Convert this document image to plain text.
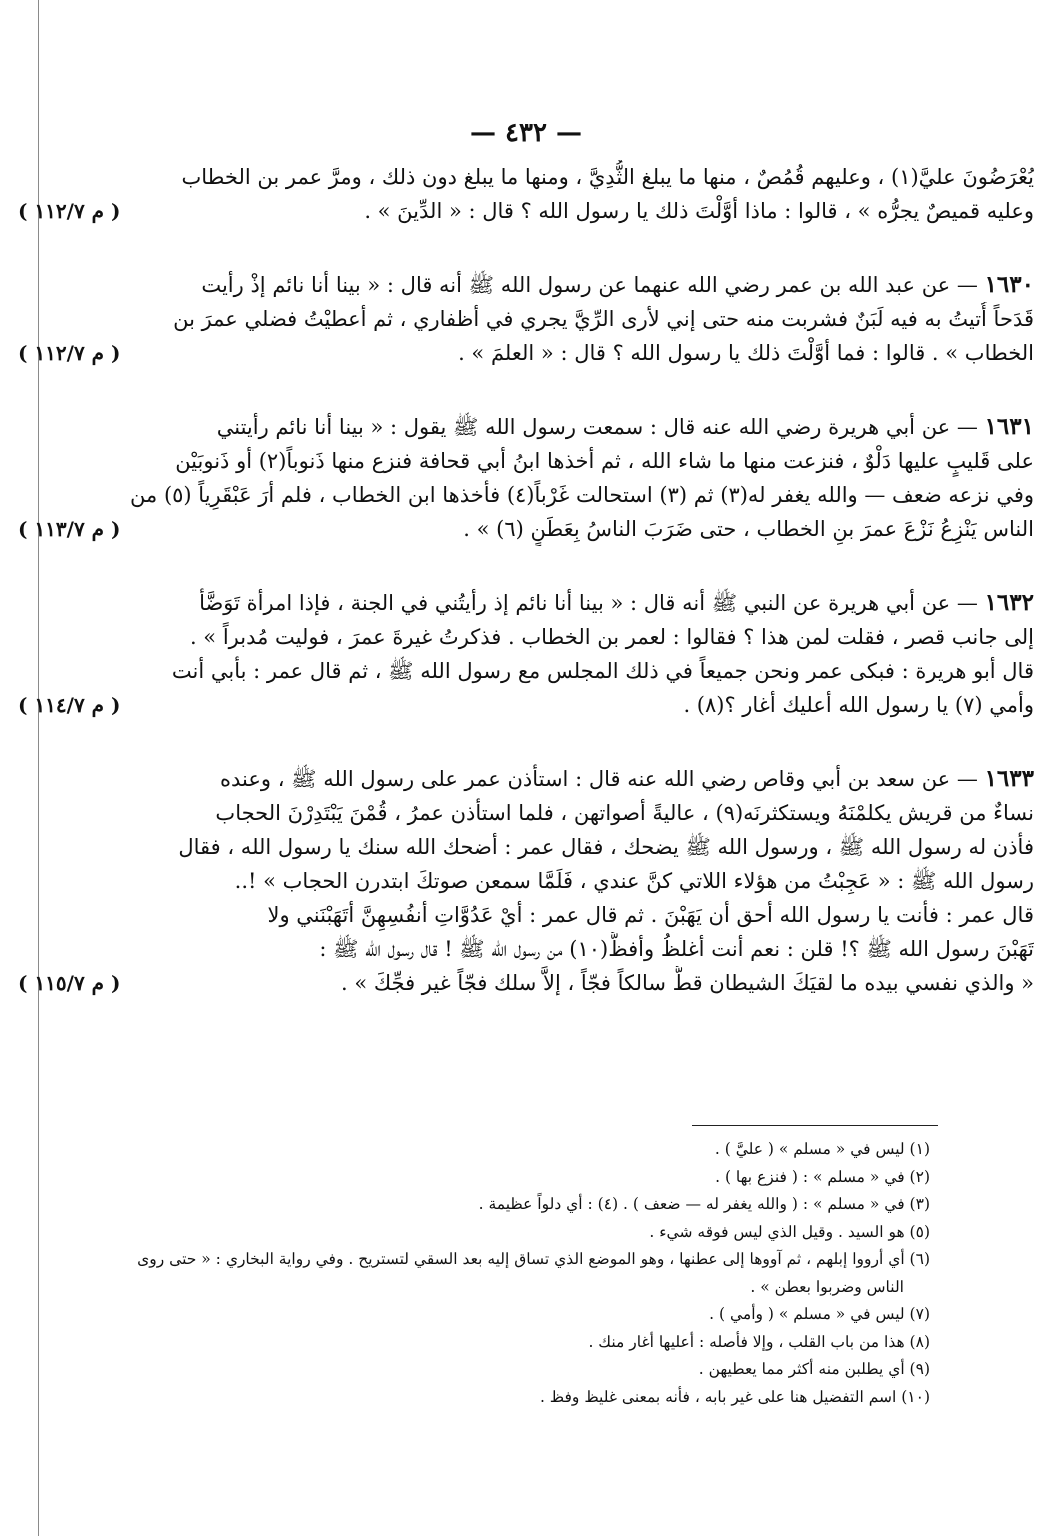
— ٤٣٢ —
يُعْرَضُونَ عليَّ(١) ، وعليهم قُمُصٌ ، منها ما يبلغ الثُّدِيَّ ، ومنها ما يبلغ دون ذلك ، ومرَّ عمر بن الخطاب
وعليه قميصٌ يجرُّه » ، قالوا : ماذا أوَّلْتَ ذلك يا رسول الله ؟ قال : « الدِّينَ » .
( م ١١٢/٧ )
١٦٣٠ — عن عبد الله بن عمر رضي الله عنهما عن رسول الله ﷺ أنه قال : « بينا أنا نائم إذْ رأيت
قَدَحاً أُتيتُ به فيه لَبَنٌ فشربت منه حتى إني لأرى الرِّيَّ يجري في أظفاري ، ثم أعطيْتُ فضلي عمرَ بن
الخطاب » . قالوا : فما أوَّلْتَ ذلك يا رسول الله ؟ قال : « العلمَ » .
( م ١١٢/٧ )
١٦٣١ — عن أبي هريرة رضي الله عنه قال : سمعت رسول الله ﷺ يقول : « بينا أنا نائم رأيتني
على قَليبٍ عليها دَلْوٌ ، فنزعت منها ما شاء الله ، ثم أخذها ابنُ أبي قحافة فنزع منها ذَنوباً(٢) أو ذَنوبَيْن
وفي نزعه ضعف — والله يغفر له(٣) ثم (٣) استحالت غَرْباً(٤) فأخذها ابن الخطاب ، فلم أرَ عَبْقَرِياً (٥) من
الناس يَنْزِعُ نَزْعَ عمرَ بنِ الخطاب ، حتى ضَرَبَ الناسُ بِعَطَنٍ (٦) » .
( م ١١٣/٧ )
١٦٣٢ — عن أبي هريرة عن النبي ﷺ أنه قال : « بينا أنا نائم إذ رأيتُني في الجنة ، فإذا امرأة تَوَضَّأ
إلى جانب قصر ، فقلت لمن هذا ؟ فقالوا : لعمر بن الخطاب . فذكرتُ غيرةَ عمرَ ، فوليت مُدبراً » .
قال أبو هريرة : فبكى عمر ونحن جميعاً في ذلك المجلس مع رسول الله ﷺ ، ثم قال عمر : بأبي أنت
وأمي (٧) يا رسول الله أعليك أغار ؟(٨) .
( م ١١٤/٧ )
١٦٣٣ — عن سعد بن أبي وقاص رضي الله عنه قال : استأذن عمر على رسول الله ﷺ ، وعنده
نساءٌ من قريش يكلمْنَهُ ويستكثرنَه(٩) ، عاليةً أصواتهن ، فلما استأذن عمرُ ، قُمْنَ يَبْتَدِرْنَ الحجاب
فأذن له رسول الله ﷺ ، ورسول الله ﷺ يضحك ، فقال عمر : أضحك الله سنك يا رسول الله ، فقال
رسول الله ﷺ : « عَجِبْتُ من هؤلاء اللاتي كنَّ عندي ، فَلَمَّا سمعن صوتكَ ابتدرن الحجاب » !..
قال عمر : فأنت يا رسول الله أحق أن يَهَبْنَ . ثم قال عمر : أيْ عَدُوَّاتِ أنفُسِهِنَّ أتَهَبْنَني ولا
تَهَبْنَ رسول الله ﷺ ؟! قلن : نعم أنت أغلظُ وأفظُّ(١٠) من رسول الله ﷺ ! قال رسول الله ﷺ :
« والذي نفسي بيده ما لقيَكَ الشيطان قطُّ سالكاً فجّاً ، إلاَّ سلك فجّاً غير فجِّكَ » .
( م ١١٥/٧ )
(١) ليس في « مسلم » ( عليَّ ) .
(٢) في « مسلم » : ( فنزع بها ) .
(٣) في « مسلم » : ( والله يغفر له — ضعف ) . (٤) : أي دلواً عظيمة .
(٥) هو السيد . وقيل الذي ليس فوقه شيء .
(٦) أي أرووا إبلهم ، ثم آووها إلى عطنها ، وهو الموضع الذي تساق إليه بعد السقي لتستريح . وفي رواية البخاري : « حتى روى
الناس وضربوا بعطن » .
(٧) ليس في « مسلم » ( وأمي ) .
(٨) هذا من باب القلب ، وإلا فأصله : أعليها أغار منك .
(٩) أي يطلبن منه أكثر مما يعطيهن .
(١٠) اسم التفضيل هنا على غير بابه ، فأنه بمعنى غليظ وفظ .
